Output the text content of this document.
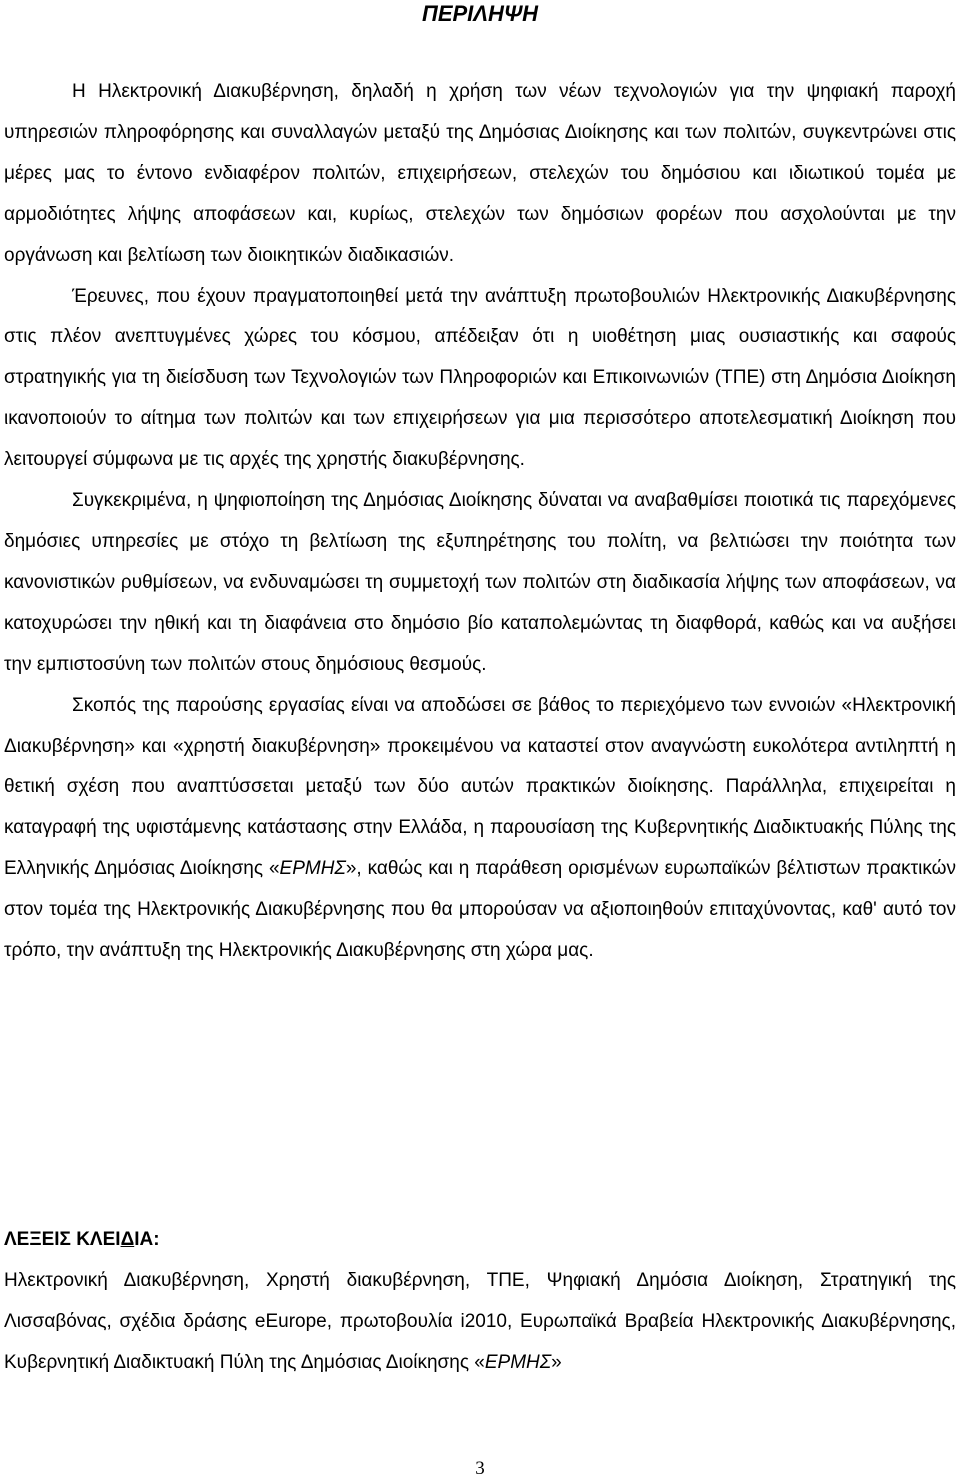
ΠΕΡΙΛΗΨΗ

Η Ηλεκτρονική Διακυβέρνηση, δηλαδή η χρήση των νέων τεχνολογιών για την ψηφιακή παροχή υπηρεσιών πληροφόρησης και συναλλαγών μεταξύ της Δημόσιας Διοίκησης και των πολιτών, συγκεντρώνει στις μέρες μας το έντονο ενδιαφέρον πολιτών, επιχειρήσεων, στελεχών του δημόσιου και ιδιωτικού τομέα με αρμοδιότητες λήψης αποφάσεων και, κυρίως, στελεχών των δημόσιων φορέων που ασχολούνται με την οργάνωση και βελτίωση των διοικητικών διαδικασιών.

Έρευνες, που έχουν πραγματοποιηθεί μετά την ανάπτυξη πρωτοβουλιών Ηλεκτρονικής Διακυβέρνησης στις πλέον ανεπτυγμένες χώρες του κόσμου, απέδειξαν ότι η υιοθέτηση μιας ουσιαστικής και σαφούς στρατηγικής για τη διείσδυση των Τεχνολογιών των Πληροφοριών και Επικοινωνιών (ΤΠΕ) στη Δημόσια Διοίκηση ικανοποιούν το αίτημα των πολιτών και των επιχειρήσεων για μια περισσότερο αποτελεσματική Διοίκηση που λειτουργεί σύμφωνα με τις αρχές της χρηστής διακυβέρνησης.

Συγκεκριμένα, η ψηφιοποίηση της Δημόσιας Διοίκησης δύναται να αναβαθμίσει ποιοτικά τις παρεχόμενες δημόσιες υπηρεσίες με στόχο τη βελτίωση της εξυπηρέτησης του πολίτη, να βελτιώσει την ποιότητα των κανονιστικών ρυθμίσεων, να ενδυναμώσει τη συμμετοχή των πολιτών στη διαδικασία λήψης των αποφάσεων, να κατοχυρώσει την ηθική και τη διαφάνεια στο δημόσιο βίο καταπολεμώντας τη διαφθορά, καθώς και να αυξήσει την εμπιστοσύνη των πολιτών στους δημόσιους θεσμούς.

Σκοπός της παρούσης εργασίας είναι να αποδώσει σε βάθος το περιεχόμενο των εννοιών «Ηλεκτρονική Διακυβέρνηση» και «χρηστή διακυβέρνηση» προκειμένου να καταστεί στον αναγνώστη ευκολότερα αντιληπτή η θετική σχέση που αναπτύσσεται μεταξύ των δύο αυτών πρακτικών διοίκησης. Παράλληλα, επιχειρείται η καταγραφή της υφιστάμενης κατάστασης στην Ελλάδα, η παρουσίαση της Κυβερνητικής Διαδικτυακής Πύλης της Ελληνικής Δημόσιας Διοίκησης «ΕΡΜΗΣ», καθώς και η παράθεση ορισμένων ευρωπαϊκών βέλτιστων πρακτικών στον τομέα της Ηλεκτρονικής Διακυβέρνησης που θα μπορούσαν να αξιοποιηθούν επιταχύνοντας, καθ' αυτό τον τρόπο, την ανάπτυξη της Ηλεκτρονικής Διακυβέρνησης στη χώρα μας.

ΛΕΞΕΙΣ ΚΛΕΙΔΙΑ:

Ηλεκτρονική Διακυβέρνηση, Χρηστή διακυβέρνηση, ΤΠΕ, Ψηφιακή Δημόσια Διοίκηση, Στρατηγική της Λισσαβόνας, σχέδια δράσης eEurope, πρωτοβουλία i2010, Ευρωπαϊκά Βραβεία Ηλεκτρονικής Διακυβέρνησης, Κυβερνητική Διαδικτυακή Πύλη της Δημόσιας Διοίκησης «ΕΡΜΗΣ»

3
